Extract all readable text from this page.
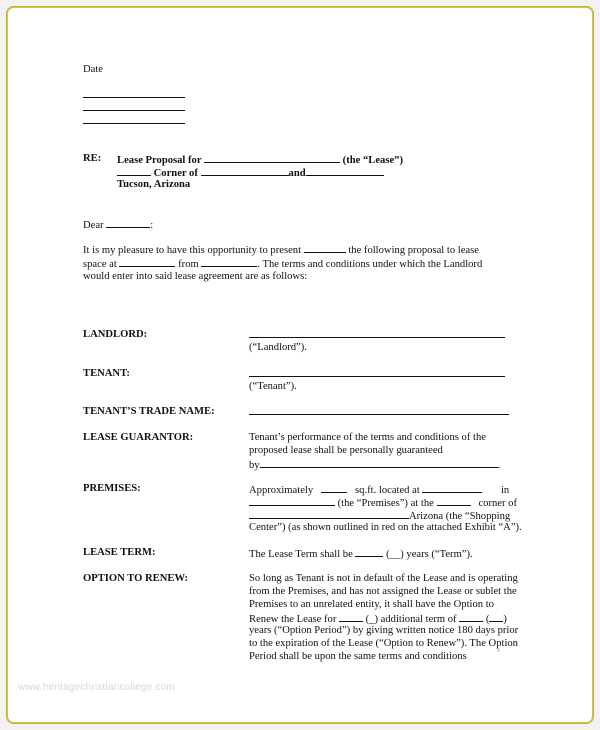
Date
RE: Lease Proposal for	(the “Lease”)
Corner of	and
Tucson, Arizona
Dear	:
It is my pleasure to have this opportunity to present	the following proposal to lease
space at	from	. The terms and conditions under which the Landlord
would enter into said lease agreement are as follows:
LANDLORD:
(“Landlord”).
TENANT:
(“Tenant”).
TENANT’S TRADE NAME:
LEASE GUARANTOR:	Tenant’s performance of the terms and conditions of the
proposed lease shall be personally guaranteed
by	.
PREMISES:	Approximately	sq.ft. located at	in
(the “Premises”) at the	corner of
Arizona (the “Shopping
Center”) (as shown outlined in red on the attached Exhibit “A”).
LEASE TERM:	The Lease Term shall be	(__) years (“Term”).
OPTION TO RENEW:	So long as Tenant is not in default of the Lease and is operating
from the Premises, and has not assigned the Lease or sublet the
Premises to an unrelated entity, it shall have the Option to
Renew the Lease for	(_) additional term of	( )
years (“Option Period”) by giving written notice 180 days prior
to the expiration of the Lease (“Option to Renew”). The Option
Period shall be upon the same terms and conditions	′
www.heritagechristiancollege.com
